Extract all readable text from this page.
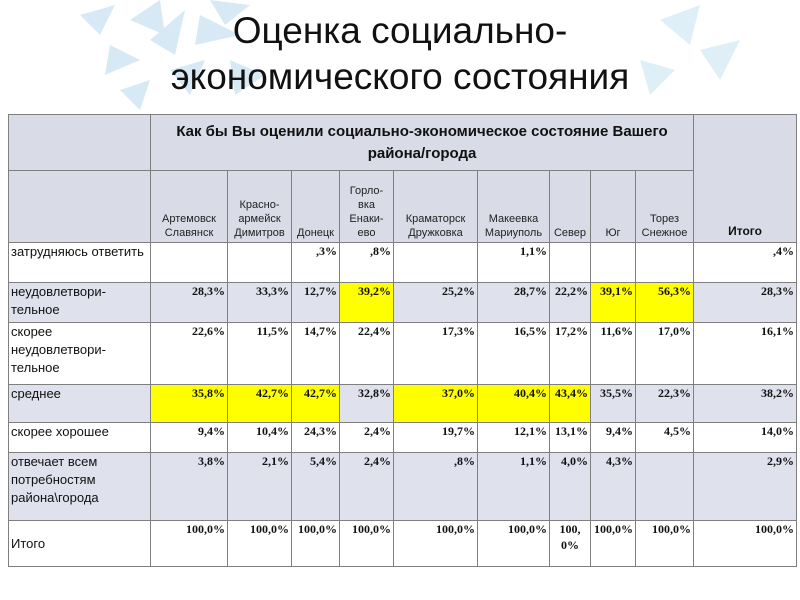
Оценка социально-
экономического состояния
	Как бы Вы оценили социально-экономическое состояние Вашего района/города									Итого
	Артемовск Славянск	Красно-армейск Димитров	Донецк	Горло-вка Енаки-ево	Краматорск Дружковка	Макеевка Мариуполь	Север	Юг	Торез Снежное	
затрудняюсь ответить			,3%	,8%		1,1%				,4%
неудовлетвори-тельное	28,3%	33,3%	12,7%	39,2%	25,2%	28,7%	22,2%	39,1%	56,3%	28,3%
скорее неудовлетвори-тельное	22,6%	11,5%	14,7%	22,4%	17,3%	16,5%	17,2%	11,6%	17,0%	16,1%
среднее	35,8%	42,7%	42,7%	32,8%	37,0%	40,4%	43,4%	35,5%	22,3%	38,2%
скорее хорошее	9,4%	10,4%	24,3%	2,4%	19,7%	12,1%	13,1%	9,4%	4,5%	14,0%
отвечает всем потребностям района\города	3,8%	2,1%	5,4%	2,4%	,8%	1,1%	4,0%	4,3%		2,9%
Итого	100,0%	100,0%	100,0%	100,0%	100,0%	100,0%	100,0%	100,0%	100,0%	100,0%
